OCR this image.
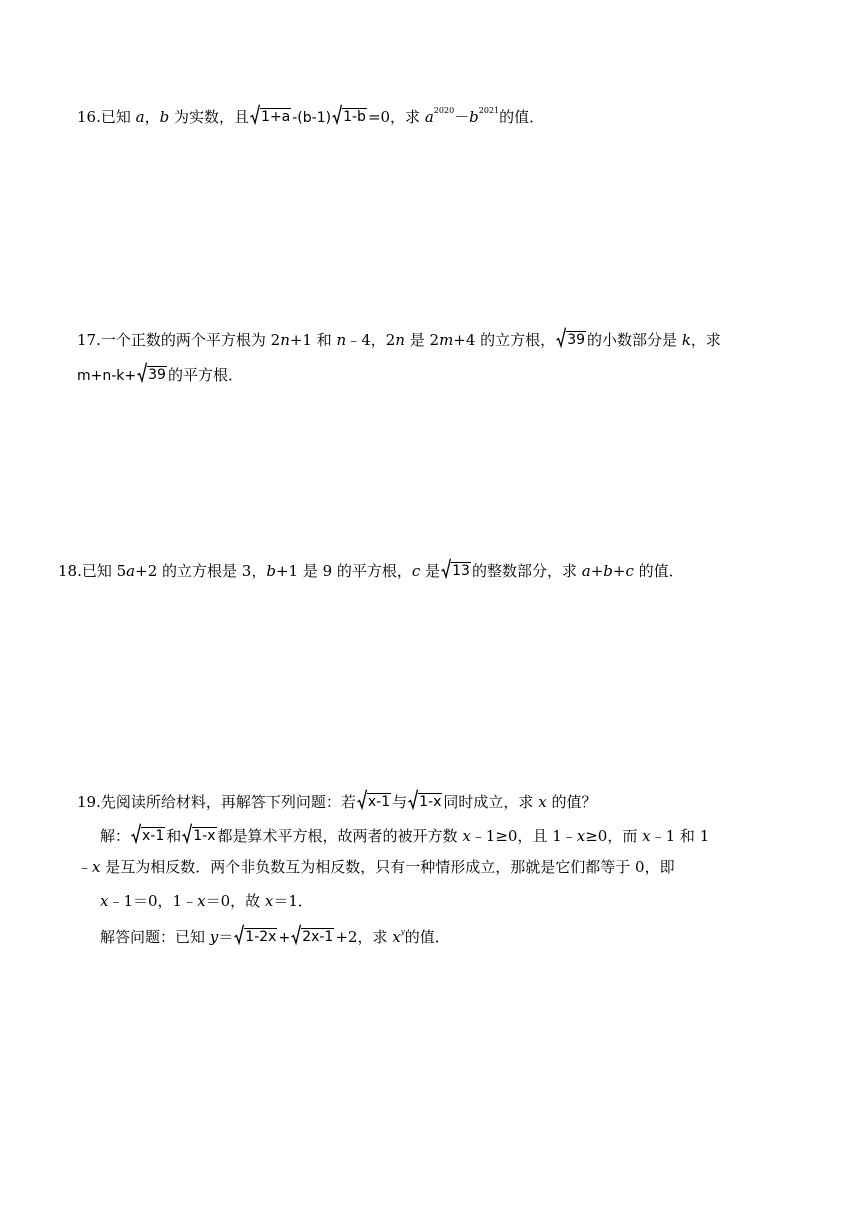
16.已知 a，b 为实数，且 1+a -(b-1) 1-b =0，求 $a^{2020}-b^{2021}$的值．
17.一个正数的两个平方根为 2n+1 和 n﹣4，2n 是 2m+4 的立方根， 39 的小数部分是 k，求
m+n-k+ 39 的平方根．
18.已知 5a+2 的立方根是 3，b+1 是 9 的平方根，c 是 13 的整数部分，求 a+b+c 的值．
19.先阅读所给材料，再解答下列问题：若 x-1 与 1-x 同时成立，求 x 的值？
解： x-1 和 1-x 都是算术平方根，故两者的被开方数 x﹣1≥0，且 1﹣x≥0，而 x﹣1 和 1
﹣x 是互为相反数．两个非负数互为相反数，只有一种情形成立，那就是它们都等于 0，即
x﹣1＝0，1﹣x＝0，故 x＝1．
解答问题：已知 y＝ 1-2x + 2x-1 +2，求 $x^y$的值．
